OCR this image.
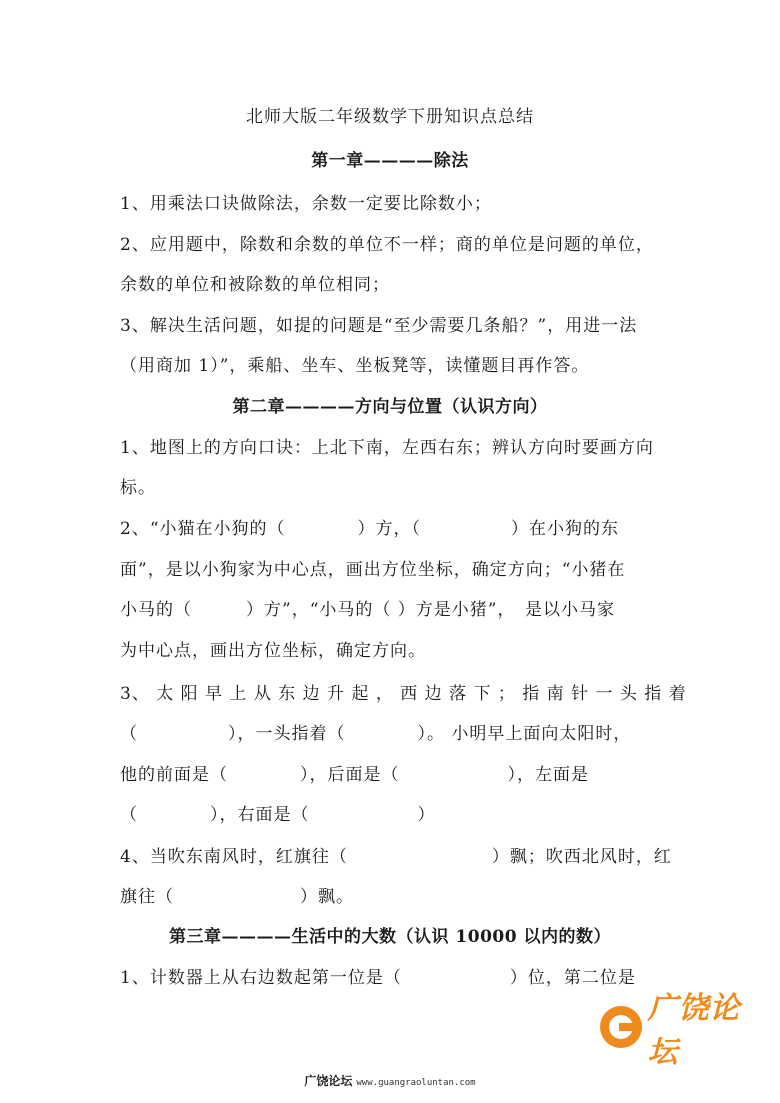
北师大版二年级数学下册知识点总结
第一章————除法
1、用乘法口诀做除法，余数一定要比除数小；
2、应用题中，除数和余数的单位不一样；商的单位是问题的单位，
余数的单位和被除数的单位相同；
3、解决生活问题，如提的问题是“至少需要几条船？”，用进一法
（用商加 1）”，乘船、坐车、坐板凳等，读懂题目再作答。
第二章————方向与位置（认识方向）
1、地图上的方向口诀：上北下南，左西右东；辨认方向时要画方向
标。
2、“小猫在小狗的（　　　　）方，（　　　　　）在小狗的东
面”，是以小狗家为中心点，画出方位坐标，确定方向；“小猪在
小马的（　　　）方”，“小马的（ ）方是小猪”，　是以小马家
为中心点，画出方位坐标，确定方向。
3、 太 阳 早 上 从 东 边 升 起 ， 西 边 落 下 ； 指 南 针 一 头 指 着
（　　　　　），一头指着（　　　　）。 小明早上面向太阳时，
他的前面是（　　　　），后面是（　　　　　　），左面是
（　　　　），右面是（　　　　　　）
4、当吹东南风时，红旗往（　　　　　　　　）飘；吹西北风时，红
旗往（　　　　　　　）飘。
第三章————生活中的大数（认识 10000 以内的数）
1、计数器上从右边数起第一位是（　　　　　　）位，第二位是
广饶论坛
广饶论坛 www.guangraoluntan.com
